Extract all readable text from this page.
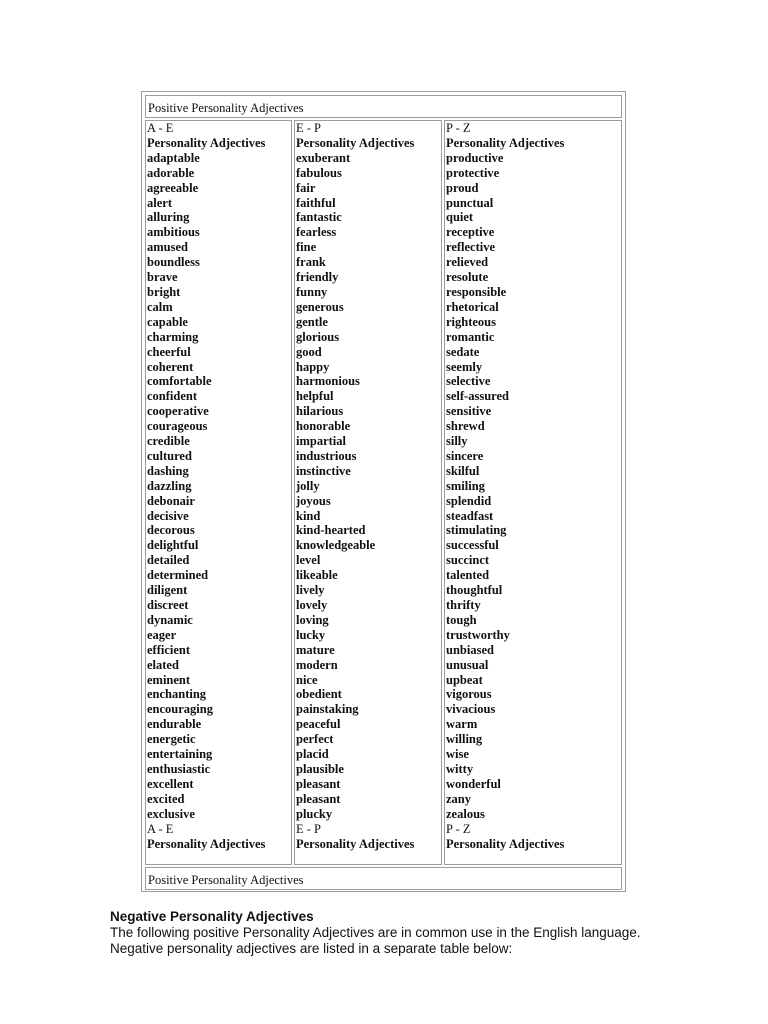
Positive Personality Adjectives
A - E
Personality Adjectives
adaptable
adorable
agreeable
alert
alluring
ambitious
amused
boundless
brave
bright
calm
capable
charming
cheerful
coherent
comfortable
confident
cooperative
courageous
credible
cultured
dashing
dazzling
debonair
decisive
decorous
delightful
detailed
determined
diligent
discreet
dynamic
eager
efficient
elated
eminent
enchanting
encouraging
endurable
energetic
entertaining
enthusiastic
excellent
excited
exclusive
A - E
Personality Adjectives
E - P
Personality Adjectives
exuberant
fabulous
fair
faithful
fantastic
fearless
fine
frank
friendly
funny
generous
gentle
glorious
good
happy
harmonious
helpful
hilarious
honorable
impartial
industrious
instinctive
jolly
joyous
kind
kind-hearted
knowledgeable
level
likeable
lively
lovely
loving
lucky
mature
modern
nice
obedient
painstaking
peaceful
perfect
placid
plausible
pleasant
pleasant
plucky
E - P
Personality Adjectives
P - Z
Personality Adjectives
productive
protective
proud
punctual
quiet
receptive
reflective
relieved
resolute
responsible
rhetorical
righteous
romantic
sedate
seemly
selective
self-assured
sensitive
shrewd
silly
sincere
skilful
smiling
splendid
steadfast
stimulating
successful
succinct
talented
thoughtful
thrifty
tough
trustworthy
unbiased
unusual
upbeat
vigorous
vivacious
warm
willing
wise
witty
wonderful
zany
zealous
P - Z
Personality Adjectives
Positive Personality Adjectives
Negative Personality Adjectives
The following positive Personality Adjectives are in common use in the English language. Negative personality adjectives are listed in a separate table below:
